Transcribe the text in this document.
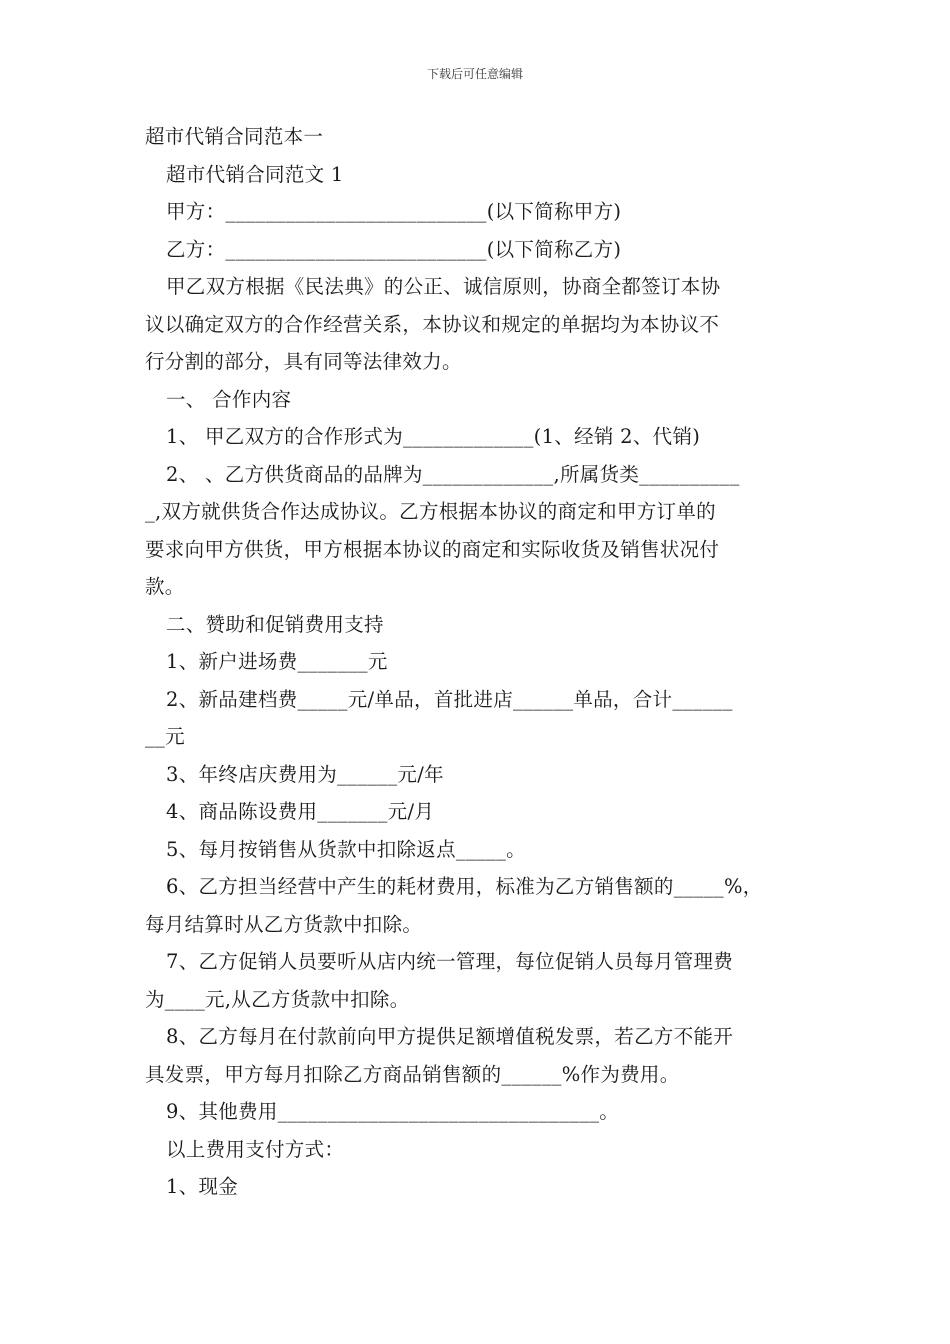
下载后可任意编辑
超市代销合同范本一
超市代销合同范文 1
甲方：__________________________(以下简称甲方)
乙方：__________________________(以下简称乙方)
甲乙双方根据《民法典》的公正、诚信原则，协商全都签订本协
议以确定双方的合作经营关系，本协议和规定的单据均为本协议不
行分割的部分，具有同等法律效力。
一、 合作内容
1、 甲乙双方的合作形式为_____________(1、经销 2、代销)
2、 、乙方供货商品的品牌为_____________,所属货类__________
_,双方就供货合作达成协议。乙方根据本协议的商定和甲方订单的
要求向甲方供货，甲方根据本协议的商定和实际收货及销售状况付
款。
二、赞助和促销费用支持
1、新户进场费_______元
2、新品建档费_____元/单品，首批进店______单品，合计______
__元
3、年终店庆费用为______元/年
4、商品陈设费用_______元/月
5、每月按销售从货款中扣除返点_____。
6、乙方担当经营中产生的耗材费用，标准为乙方销售额的_____%，
每月结算时从乙方货款中扣除。
7、乙方促销人员要听从店内统一管理，每位促销人员每月管理费
为____元,从乙方货款中扣除。
8、乙方每月在付款前向甲方提供足额增值税发票，若乙方不能开
具发票，甲方每月扣除乙方商品销售额的______%作为费用。
9、其他费用________________________________。
以上费用支付方式：
1、现金
